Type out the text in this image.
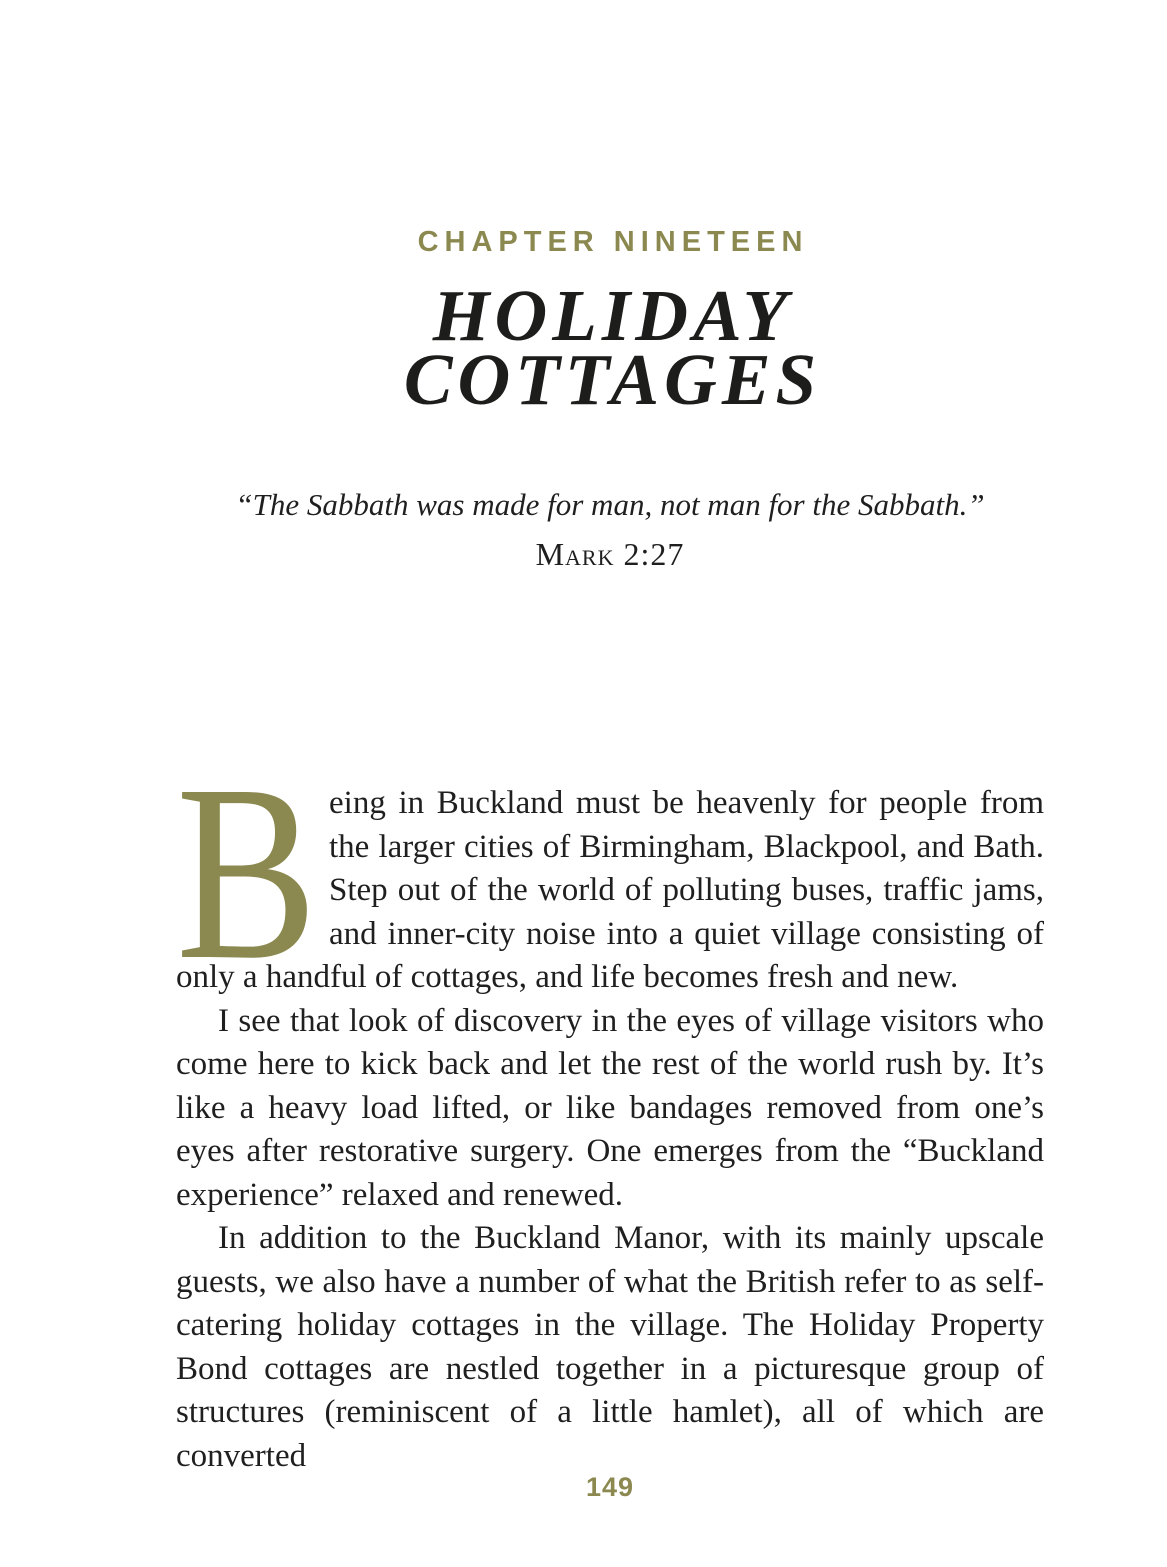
CHAPTER NINETEEN
HOLIDAY
COTTAGES
“The Sabbath was made for man, not man for the Sabbath.”
Mark 2:27

Being in Buckland must be heavenly for people from the larger cities of Birmingham, Blackpool, and Bath. Step out of the world of polluting buses, traffic jams, and inner-city noise into a quiet village consisting of only a handful of cottages, and life becomes fresh and new.

I see that look of discovery in the eyes of village visitors who come here to kick back and let the rest of the world rush by. It’s like a heavy load lifted, or like bandages removed from one’s eyes after restorative surgery. One emerges from the “Buckland experience” relaxed and renewed.

In addition to the Buckland Manor, with its mainly upscale guests, we also have a number of what the British refer to as self-catering holiday cottages in the village. The Holiday Property Bond cottages are nestled together in a picturesque group of structures (reminiscent of a little hamlet), all of which are converted

149
